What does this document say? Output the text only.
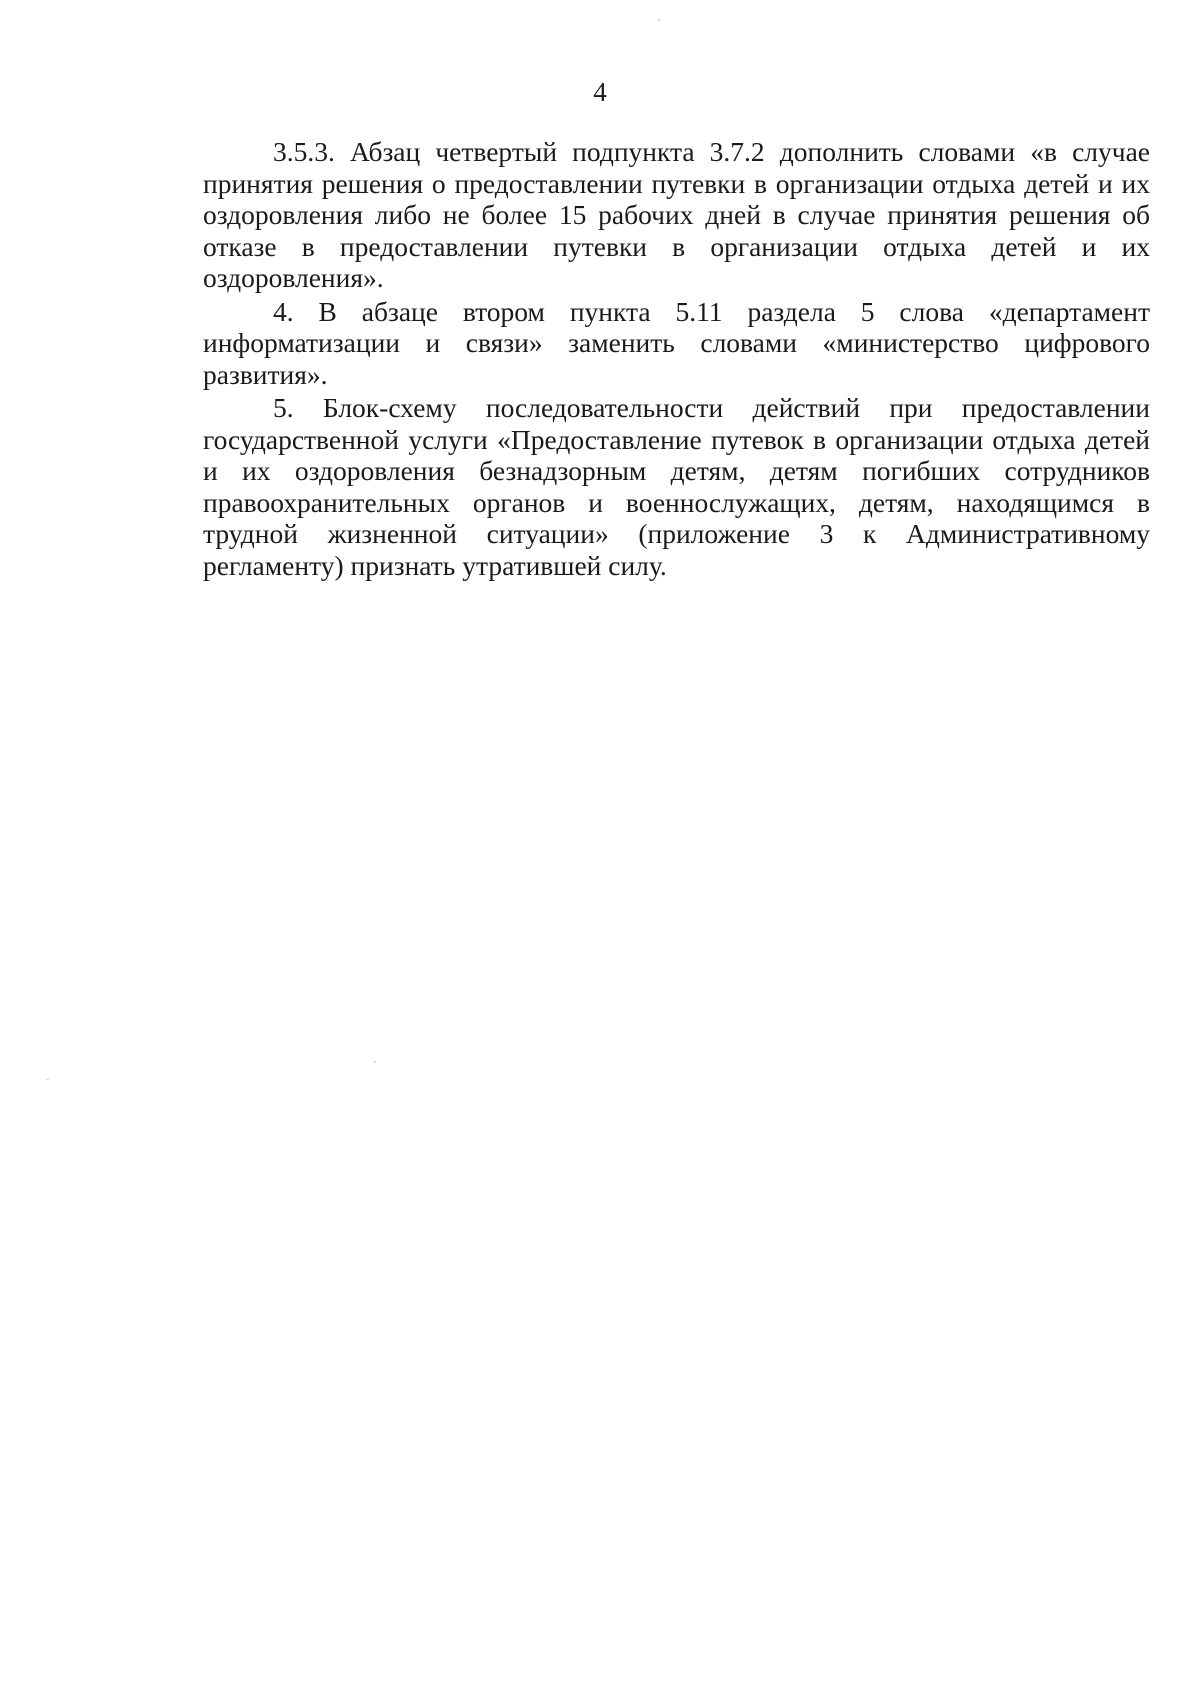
4

3.5.3. Абзац четвертый подпункта 3.7.2 дополнить словами «в случае принятия решения о предоставлении путевки в организации отдыха детей и их оздоровления либо не более 15 рабочих дней в случае принятия решения об отказе в предоставлении путевки в организации отдыха детей и их оздоровления».

4. В абзаце втором пункта 5.11 раздела 5 слова «департамент информатизации и связи» заменить словами «министерство цифрового развития».

5. Блок-схему последовательности действий при предоставлении государственной услуги «Предоставление путевок в организации отдыха детей и их оздоровления безнадзорным детям, детям погибших сотрудников правоохранительных органов и военнослужащих, детям, находящимся в трудной жизненной ситуации» (приложение 3 к Административному регламенту) признать утратившей силу.
